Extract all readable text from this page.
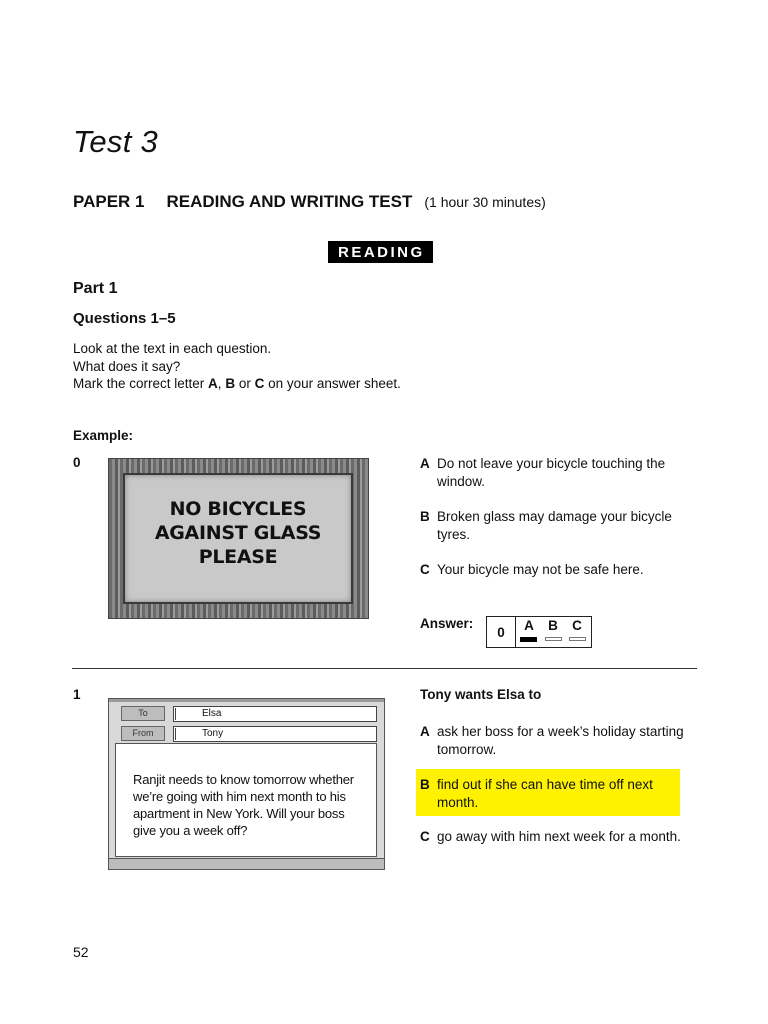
Test 3
PAPER 1 READING AND WRITING TEST (1 hour 30 minutes)
READING
Part 1
Questions 1–5
Look at the text in each question.
What does it say?
Mark the correct letter A, B or C on your answer sheet.
Example:
0
NO BICYCLES
AGAINST GLASS
PLEASE
A Do not leave your bicycle touching the window.
B Broken glass may damage your bicycle tyres.
C Your bicycle may not be safe here.
Answer:
0	A B C
1
To	Elsa
From	Tony
Ranjit needs to know tomorrow whether we’re going with him next month to his apartment in New York. Will your boss give you a week off?
Tony wants Elsa to
A ask her boss for a week’s holiday starting tomorrow.
B find out if she can have time off next month.
C go away with him next week for a month.
52
